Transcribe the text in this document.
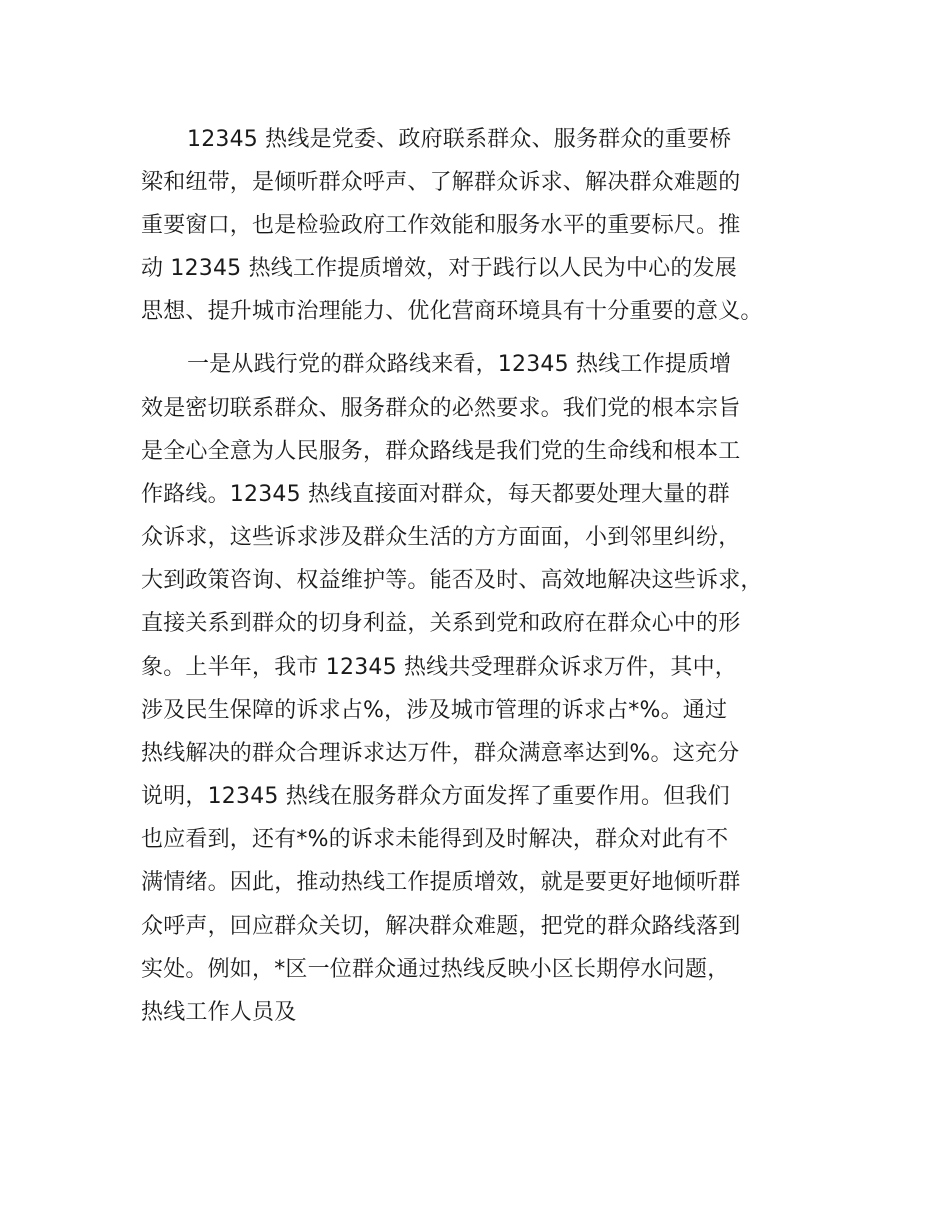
12345 热线是党委、政府联系群众、服务群众的重要桥

梁和纽带，是倾听群众呼声、了解群众诉求、解决群众难题的

重要窗口，也是检验政府工作效能和服务水平的重要标尺。推

动 12345 热线工作提质增效，对于践行以人民为中心的发展

思想、提升城市治理能力、优化营商环境具有十分重要的意义。

一是从践行党的群众路线来看，12345 热线工作提质增

效是密切联系群众、服务群众的必然要求。我们党的根本宗旨

是全心全意为人民服务，群众路线是我们党的生命线和根本工

作路线。12345 热线直接面对群众，每天都要处理大量的群

众诉求，这些诉求涉及群众生活的方方面面，小到邻里纠纷，

大到政策咨询、权益维护等。能否及时、高效地解决这些诉求，

直接关系到群众的切身利益，关系到党和政府在群众心中的形

象。上半年，我市 12345 热线共受理群众诉求万件，其中，

涉及民生保障的诉求占%，涉及城市管理的诉求占*%。通过

热线解决的群众合理诉求达万件，群众满意率达到%。这充分

说明，12345 热线在服务群众方面发挥了重要作用。但我们

也应看到，还有*%的诉求未能得到及时解决，群众对此有不

满情绪。因此，推动热线工作提质增效，就是要更好地倾听群

众呼声，回应群众关切，解决群众难题，把党的群众路线落到

实处。例如，*区一位群众通过热线反映小区长期停水问题，

热线工作人员及
